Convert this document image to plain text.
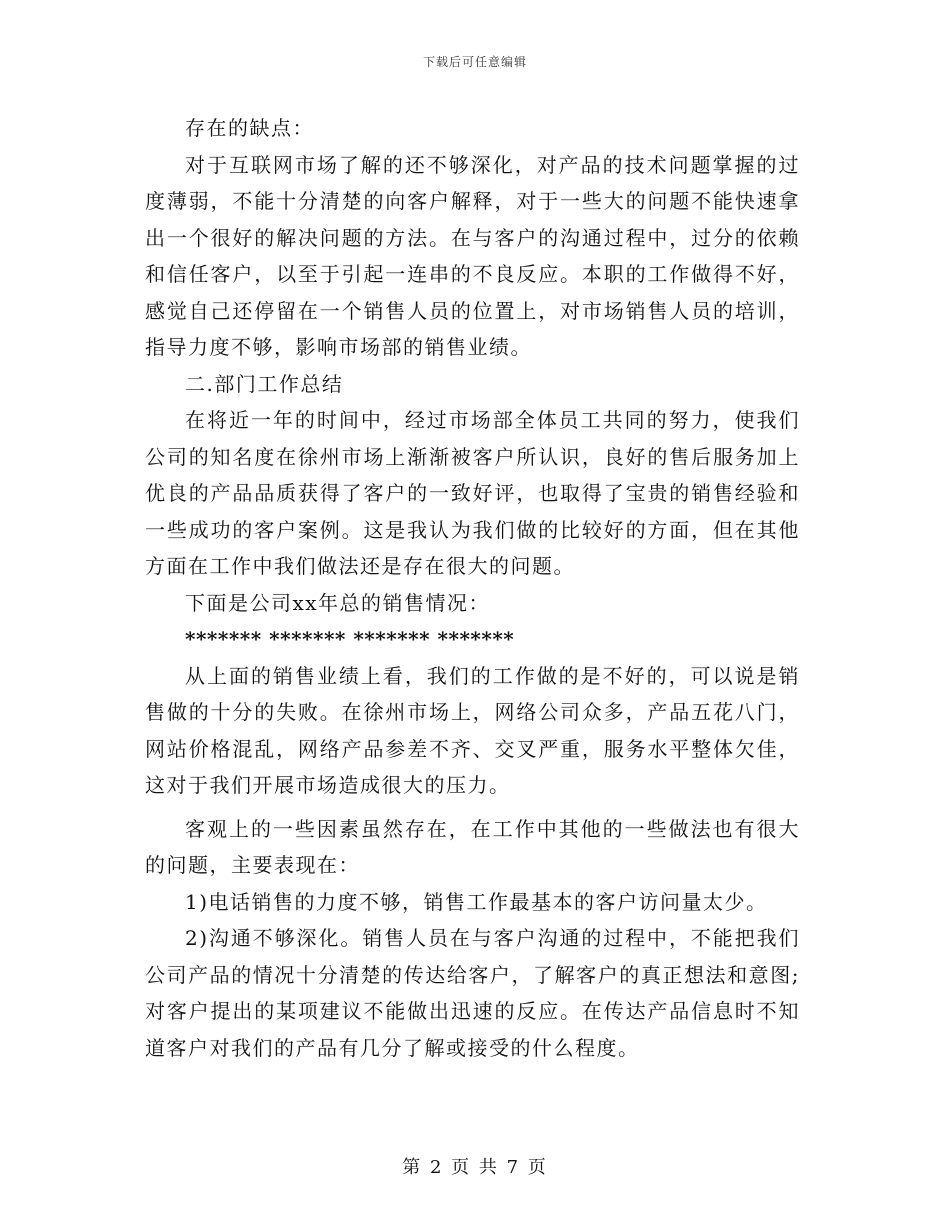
下载后可任意编辑

存在的缺点：

对于互联网市场了解的还不够深化，对产品的技术问题掌握的过度薄弱，不能十分清楚的向客户解释，对于一些大的问题不能快速拿出一个很好的解决问题的方法。在与客户的沟通过程中，过分的依赖和信任客户，以至于引起一连串的不良反应。本职的工作做得不好，感觉自己还停留在一个销售人员的位置上，对市场销售人员的培训，指导力度不够，影响市场部的销售业绩。

二.部门工作总结

在将近一年的时间中，经过市场部全体员工共同的努力，使我们公司的知名度在徐州市场上渐渐被客户所认识，良好的售后服务加上优良的产品品质获得了客户的一致好评，也取得了宝贵的销售经验和一些成功的客户案例。这是我认为我们做的比较好的方面，但在其他方面在工作中我们做法还是存在很大的问题。

下面是公司xx年总的销售情况：

******* ******* ******* *******

从上面的销售业绩上看，我们的工作做的是不好的，可以说是销售做的十分的失败。在徐州市场上，网络公司众多，产品五花八门，网站价格混乱，网络产品参差不齐、交叉严重，服务水平整体欠佳，这对于我们开展市场造成很大的压力。

客观上的一些因素虽然存在，在工作中其他的一些做法也有很大的问题，主要表现在：

1)电话销售的力度不够，销售工作最基本的客户访问量太少。

2)沟通不够深化。销售人员在与客户沟通的过程中，不能把我们公司产品的情况十分清楚的传达给客户，了解客户的真正想法和意图;对客户提出的某项建议不能做出迅速的反应。在传达产品信息时不知道客户对我们的产品有几分了解或接受的什么程度。

第 2 页 共 7 页
